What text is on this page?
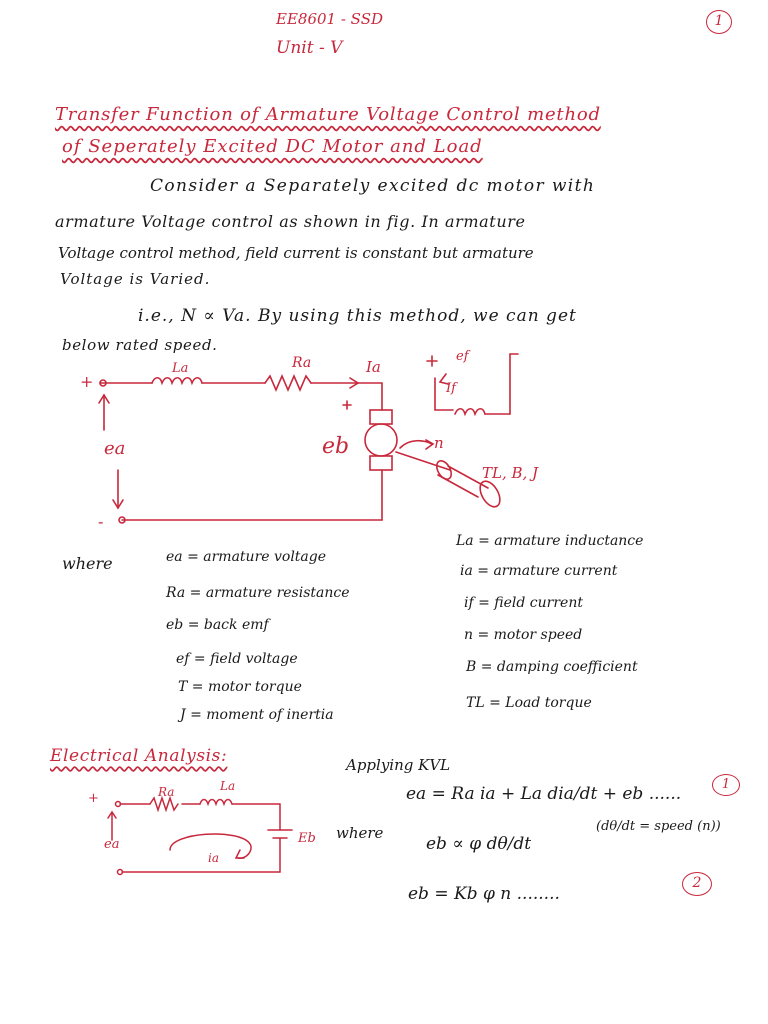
EE8601 - SSD
Unit - V
1
Transfer Function of Armature Voltage Control method
of Seperately Excited DC Motor and Load
Consider a Separately excited dc motor with
armature Voltage control as shown in fig. In armature
Voltage control method, field current is constant but armature
Voltage is Varied.
i.e., N ∝ Va. By using this method, we can get
below rated speed.
+
-
La	Ra	Ia
ea	eb
ef
If
n
TL, B, J
where	ea = armature voltage
Ra = armature resistance
eb = back emf
ef = field voltage
T = motor torque
J = moment of inertia
La = armature inductance
ia = armature current
if = field current
n = motor speed
B = damping coefficient
TL = Load torque
Electrical Analysis:	Applying KVL
ea = Ra ia + La dia/dt + eb ......	1
where
eb ∝ φ dθ/dt
(dθ/dt = speed (n))
eb = Kb φ n ........
2
+	Ra	La
ea
ia
Eb
